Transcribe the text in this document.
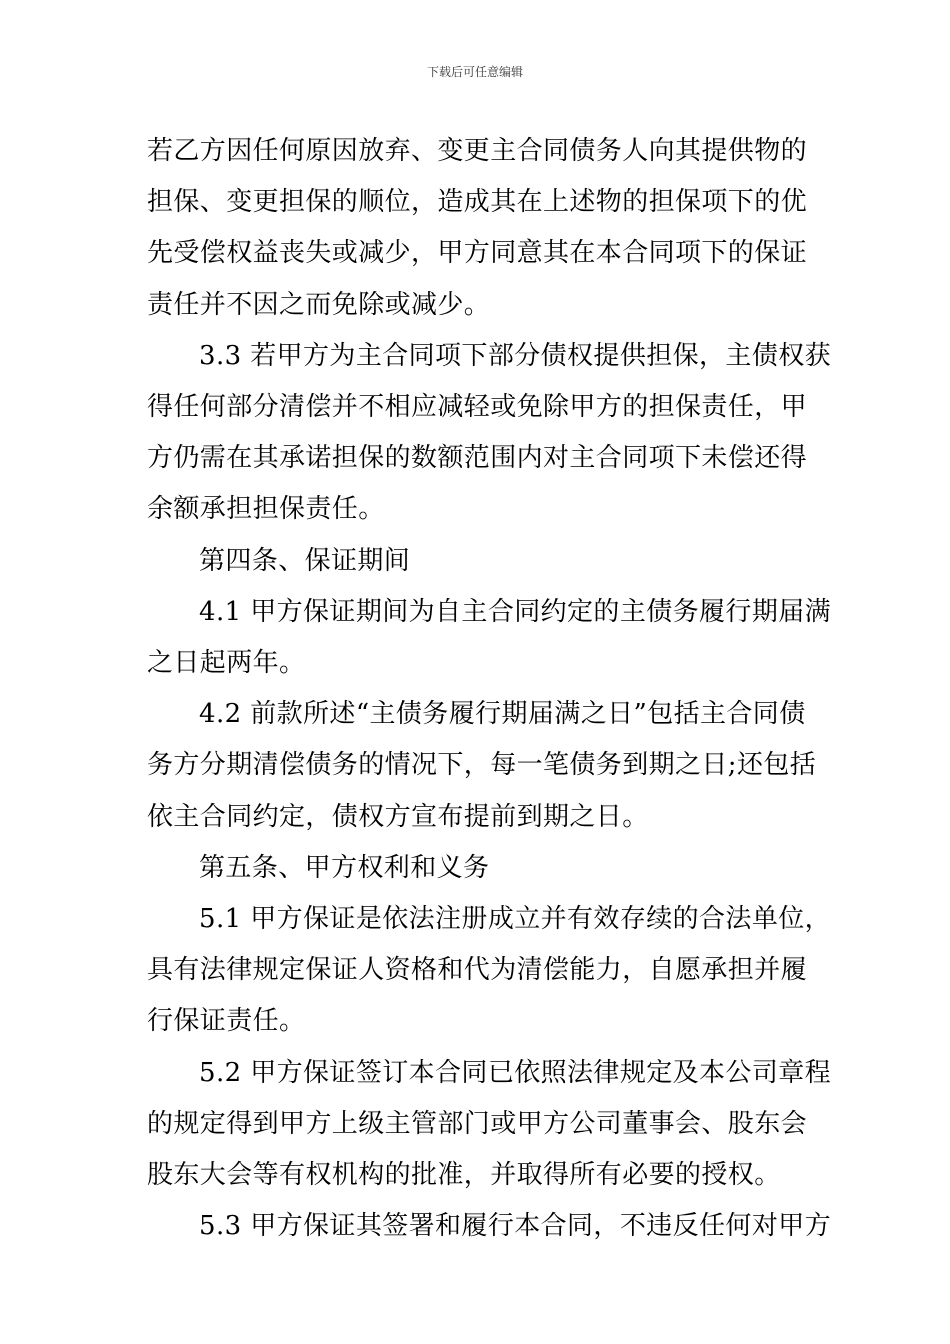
下载后可任意编辑

若乙方因任何原因放弃、变更主合同债务人向其提供物的
担保、变更担保的顺位，造成其在上述物的担保项下的优
先受偿权益丧失或减少，甲方同意其在本合同项下的保证
责任并不因之而免除或减少。

3.3 若甲方为主合同项下部分债权提供担保，主债权获
得任何部分清偿并不相应减轻或免除甲方的担保责任，甲
方仍需在其承诺担保的数额范围内对主合同项下未偿还得
余额承担担保责任。

第四条、保证期间

4.1 甲方保证期间为自主合同约定的主债务履行期届满
之日起两年。

4.2 前款所述“主债务履行期届满之日”包括主合同债
务方分期清偿债务的情况下，每一笔债务到期之日;还包括
依主合同约定，债权方宣布提前到期之日。

第五条、甲方权利和义务

5.1 甲方保证是依法注册成立并有效存续的合法单位，
具有法律规定保证人资格和代为清偿能力，自愿承担并履
行保证责任。

5.2 甲方保证签订本合同已依照法律规定及本公司章程
的规定得到甲方上级主管部门或甲方公司董事会、股东会
股东大会等有权机构的批准，并取得所有必要的授权。

5.3 甲方保证其签署和履行本合同，不违反任何对甲方
